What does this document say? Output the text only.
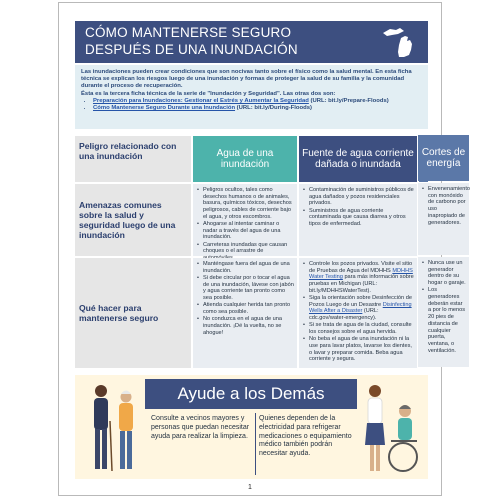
CÓMO MANTENERSE SEGURO
DESPUÉS DE UNA INUNDACIÓN

Las inundaciones pueden crear condiciones que son nocivas tanto sobre el físico como la salud mental. En esta ficha técnica se explican los riesgos luego de una inundación y formas de proteger la salud de su familia y la comunidad durante el proceso de recuperación.

Ésta es la tercera ficha técnica de la serie de "Inundación y Seguridad". Las otras dos son:

• Preparación para Inundaciones: Gestionar el Estrés y Aumentar la Seguridad (URL: bit.ly/Prepare-Floods)
• Cómo Mantenerse Seguro Durante una Inundación (URL: bit.ly/During-Floods)
Peligro relacionado con una inundación	Agua de una inundación
Fuente de agua corriente dañada o inundada
Amenazas comunes sobre la salud y seguridad luego de una inundación
• Peligros ocultos, tales como desechos humanos o de animales, basura, químicos tóxicos, desechos peligrosos, cables de corriente bajo el agua, y otros escombros.
• Ahogarse al intentar caminar o nadar a través del agua de una inundación.
• Carreteras inundadas que causan choques o el arrastre de
• Contaminación de suministros públicos de agua dañados y pozos residenciales privados.
• Suministros de agua corriente contaminada que causa diarrea y otros tipos de enfermedad.
Qué hacer para mantenerse seguro
• Manténgase fuera del agua de una inundación.
• Si debe circular por o tocar el agua de una inundación, lávese con jabón y agua corriente tan pronto como sea posible.
• Atienda cualquier herida tan pronto como sea posible.
• No conduzca en el agua de una inundación. ¡Dé la vuelta, no se ahogue!
• Controle los pozos privados. Visite el sitio de Pruebas de Agua del MDHHS MDHHS Water Testing para más información sobre pruebas en Michigan (URL: bit.ly/MDHHSWaterTest).
• Siga la orientación sobre Desinfección de Pozos Luego de un Desastre Disinfecting Wells After a Disaster (URL: cdc.gov/water-emergency).
• Si se trata de agua de la ciudad, consulte los consejos sobre el agua hervida.
• No beba el agua de una inundación ni la use para lavar platos, lavarse los dientes, o lavar y preparar comida. Beba agua corriente y segura.
Ayude a los Demás
Consulte a vecinos mayores y personas que puedan necesitar ayuda para realizar la limpieza.
Quienes dependen de la electricidad para refrigerar medicaciones o equipamiento médico también podrán necesitar ayuda.
1
Cortes de energía
• Envenenamiento con monóxido de carbono por uso inapropiado de generadores.
• Nunca use un generador dentro de su hogar o garaje.
• Los generadores deberán estar a por lo menos 20 pies de distancia de cualquier puerta, ventana, o ventilación.
